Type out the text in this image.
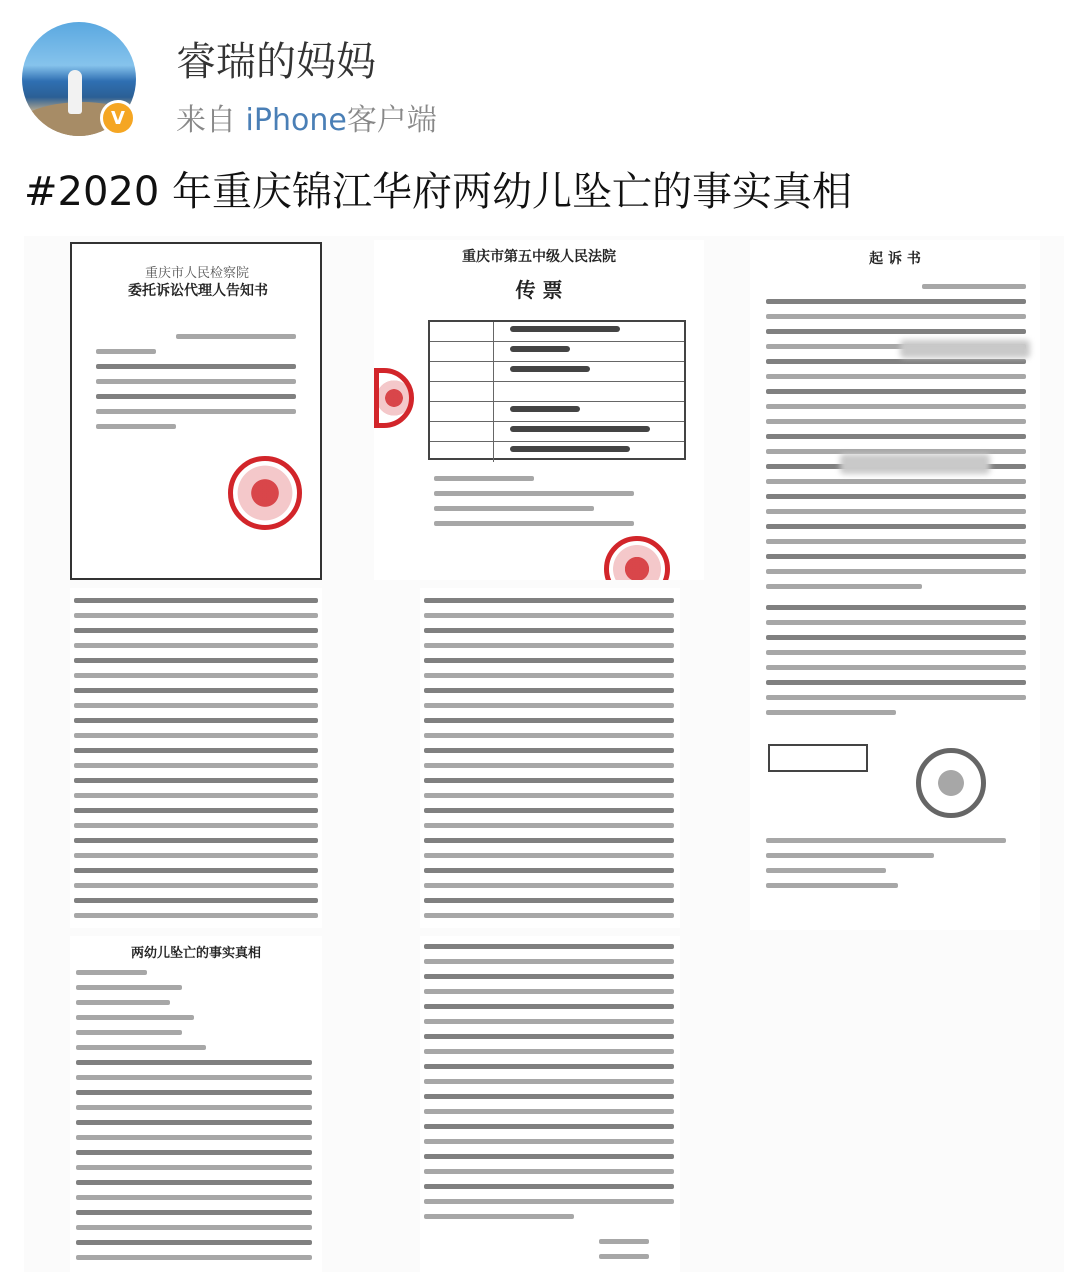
V
睿瑞的妈妈
来自 iPhone客户端
#2020 年重庆锦江华府两幼儿坠亡的事实真相
重庆市人民检察院
委托诉讼代理人告知书
重庆市第五中级人民法院
传 票
起 诉 书
两幼儿坠亡的事实真相
